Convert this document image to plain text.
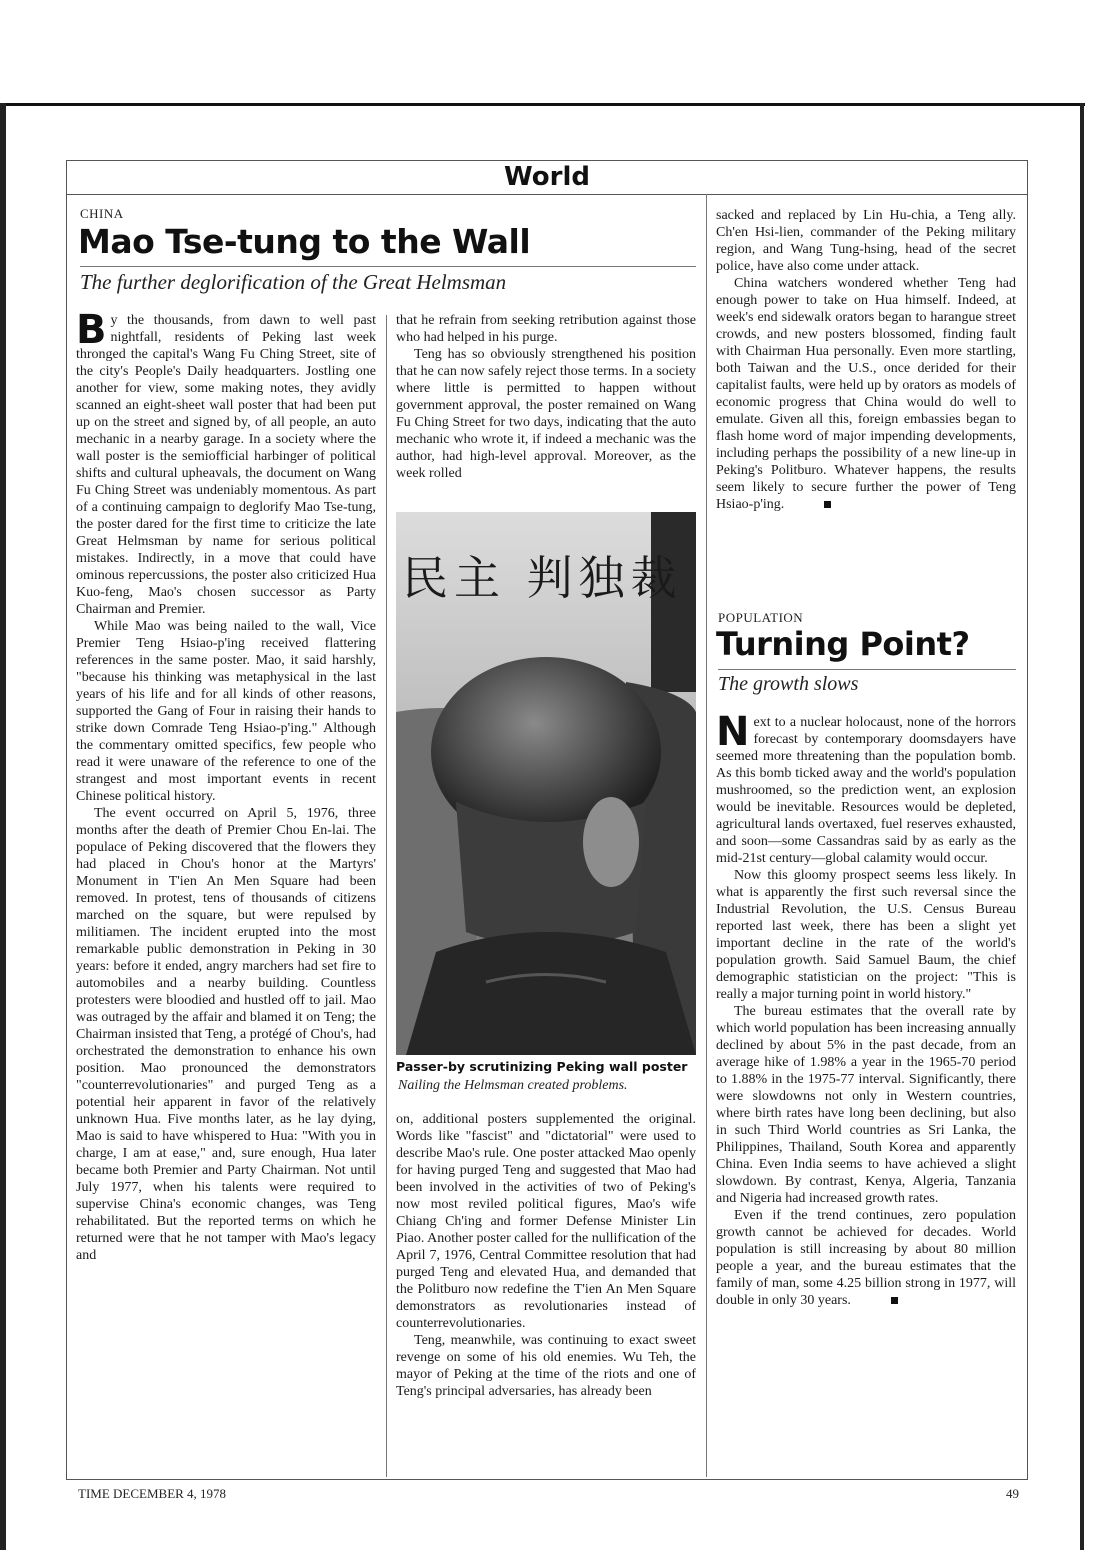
World
CHINA
Mao Tse-tung to the Wall
The further deglorification of the Great Helmsman

By the thousands, from dawn to well past nightfall, residents of Peking last week thronged the capital's Wang Fu Ching Street, site of the city's People's Daily headquarters. Jostling one another for view, some making notes, they avidly scanned an eight-sheet wall poster that had been put up on the street and signed by, of all people, an auto mechanic in a nearby garage. In a society where the wall poster is the semiofficial harbinger of political shifts and cultural upheavals, the document on Wang Fu Ching Street was undeniably momentous. As part of a continuing campaign to deglorify Mao Tse-tung, the poster dared for the first time to criticize the late Great Helmsman by name for serious political mistakes. Indirectly, in a move that could have ominous repercussions, the poster also criticized Hua Kuo-feng, Mao's chosen successor as Party Chairman and Premier.

While Mao was being nailed to the wall, Vice Premier Teng Hsiao-p'ing received flattering references in the same poster. Mao, it said harshly, "because his thinking was metaphysical in the last years of his life and for all kinds of other reasons, supported the Gang of Four in raising their hands to strike down Comrade Teng Hsiao-p'ing." Although the commentary omitted specifics, few people who read it were unaware of the reference to one of the strangest and most important events in recent Chinese political history.

The event occurred on April 5, 1976, three months after the death of Premier Chou En-lai. The populace of Peking discovered that the flowers they had placed in Chou's honor at the Martyrs' Monument in T'ien An Men Square had been removed. In protest, tens of thousands of citizens marched on the square, but were repulsed by militiamen. The incident erupted into the most remarkable public demonstration in Peking in 30 years: before it ended, angry marchers had set fire to automobiles and a nearby building. Countless protesters were bloodied and hustled off to jail. Mao was outraged by the affair and blamed it on Teng; the Chairman insisted that Teng, a protégé of Chou's, had orchestrated the demonstration to enhance his own position. Mao pronounced the demonstrators "counterrevolutionaries" and purged Teng as a potential heir apparent in favor of the relatively unknown Hua. Five months later, as he lay dying, Mao is said to have whispered to Hua: "With you in charge, I am at ease," and, sure enough, Hua later became both Premier and Party Chairman. Not until July 1977, when his talents were required to supervise China's economic changes, was Teng rehabilitated. But the reported terms on which he returned were that he not tamper with Mao's legacy and

that he refrain from seeking retribution against those who had helped in his purge.

Teng has so obviously strengthened his position that he can now safely reject those terms. In a society where little is permitted to happen without government approval, the poster remained on Wang Fu Ching Street for two days, indicating that the auto mechanic who wrote it, if indeed a mechanic was the author, had high-level approval. Moreover, as the week rolled

民主 判独裁
Passer-by scrutinizing Peking wall poster
Nailing the Helmsman created problems.

on, additional posters supplemented the original. Words like "fascist" and "dictatorial" were used to describe Mao's rule. One poster attacked Mao openly for having purged Teng and suggested that Mao had been involved in the activities of two of Peking's now most reviled political figures, Mao's wife Chiang Ch'ing and former Defense Minister Lin Piao. Another poster called for the nullification of the April 7, 1976, Central Committee resolution that had purged Teng and elevated Hua, and demanded that the Politburo now redefine the T'ien An Men Square demonstrators as revolutionaries instead of counterrevolutionaries.

Teng, meanwhile, was continuing to exact sweet revenge on some of his old enemies. Wu Teh, the mayor of Peking at the time of the riots and one of Teng's principal adversaries, has already been

sacked and replaced by Lin Hu-chia, a Teng ally. Ch'en Hsi-lien, commander of the Peking military region, and Wang Tung-hsing, head of the secret police, have also come under attack.

China watchers wondered whether Teng had enough power to take on Hua himself. Indeed, at week's end sidewalk orators began to harangue street crowds, and new posters blossomed, finding fault with Chairman Hua personally. Even more startling, both Taiwan and the U.S., once derided for their capitalist faults, were held up by orators as models of economic progress that China would do well to emulate. Given all this, foreign embassies began to flash home word of major impending developments, including perhaps the possibility of a new line-up in Peking's Politburo. Whatever happens, the results seem likely to secure further the power of Teng Hsiao-p'ing.

POPULATION
Turning Point?
The growth slows

Next to a nuclear holocaust, none of the horrors forecast by contemporary doomsdayers have seemed more threatening than the population bomb. As this bomb ticked away and the world's population mushroomed, so the prediction went, an explosion would be inevitable. Resources would be depleted, agricultural lands overtaxed, fuel reserves exhausted, and soon—some Cassandras said by as early as the mid-21st century—global calamity would occur.

Now this gloomy prospect seems less likely. In what is apparently the first such reversal since the Industrial Revolution, the U.S. Census Bureau reported last week, there has been a slight yet important decline in the rate of the world's population growth. Said Samuel Baum, the chief demographic statistician on the project: "This is really a major turning point in world history."

The bureau estimates that the overall rate by which world population has been increasing annually declined by about 5% in the past decade, from an average hike of 1.98% a year in the 1965-70 period to 1.88% in the 1975-77 interval. Significantly, there were slowdowns not only in Western countries, where birth rates have long been declining, but also in such Third World countries as Sri Lanka, the Philippines, Thailand, South Korea and apparently China. Even India seems to have achieved a slight slowdown. By contrast, Kenya, Algeria, Tanzania and Nigeria had increased growth rates.

Even if the trend continues, zero population growth cannot be achieved for decades. World population is still increasing by about 80 million people a year, and the bureau estimates that the family of man, some 4.25 billion strong in 1977, will double in only 30 years.

TIME DECEMBER 4, 1978	49
